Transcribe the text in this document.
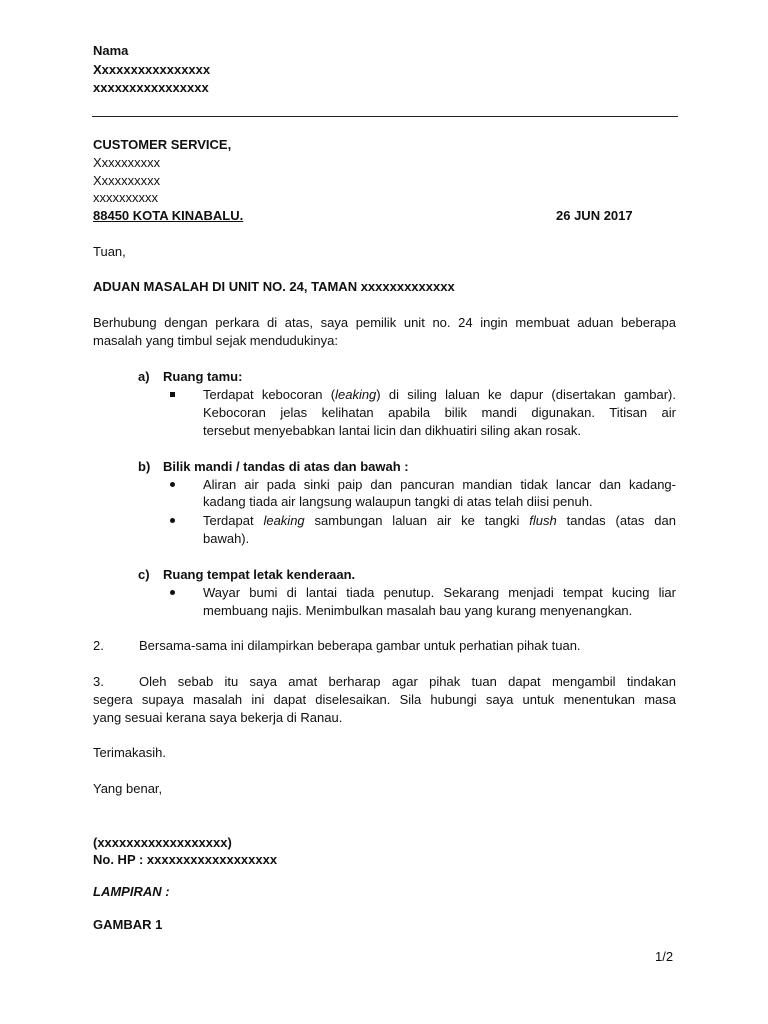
Nama
Xxxxxxxxxxxxxxxx
xxxxxxxxxxxxxxxx
CUSTOMER SERVICE,
Xxxxxxxxxx
Xxxxxxxxxx
xxxxxxxxxx
88450 KOTA KINABALU.	26 JUN 2017
Tuan,
ADUAN MASALAH DI UNIT NO. 24, TAMAN xxxxxxxxxxxxx
Berhubung dengan perkara di atas, saya pemilik unit no. 24 ingin membuat aduan beberapa
masalah yang timbul sejak mendudukinya:
a) Ruang tamu:
Terdapat kebocoran (leaking) di siling laluan ke dapur (disertakan gambar).
Kebocoran jelas kelihatan apabila bilik mandi digunakan. Titisan air
tersebut menyebabkan lantai licin dan dikhuatiri siling akan rosak.
b) Bilik mandi / tandas di atas dan bawah :
Aliran air pada sinki paip dan pancuran mandian tidak lancar dan kadang-
kadang tiada air langsung walaupun tangki di atas telah diisi penuh.
Terdapat leaking sambungan laluan air ke tangki flush tandas (atas dan
bawah).
c) Ruang tempat letak kenderaan.
Wayar bumi di lantai tiada penutup. Sekarang menjadi tempat kucing liar
membuang najis. Menimbulkan masalah bau yang kurang menyenangkan.
2.	Bersama-sama ini dilampirkan beberapa gambar untuk perhatian pihak tuan.
3.	Oleh sebab itu saya amat berharap agar pihak tuan dapat mengambil tindakan
segera supaya masalah ini dapat diselesaikan. Sila hubungi saya untuk menentukan masa
yang sesuai kerana saya bekerja di Ranau.
Terimakasih.
Yang benar,
(xxxxxxxxxxxxxxxxxx)
No. HP : xxxxxxxxxxxxxxxxxx
LAMPIRAN :
GAMBAR 1
1/2
